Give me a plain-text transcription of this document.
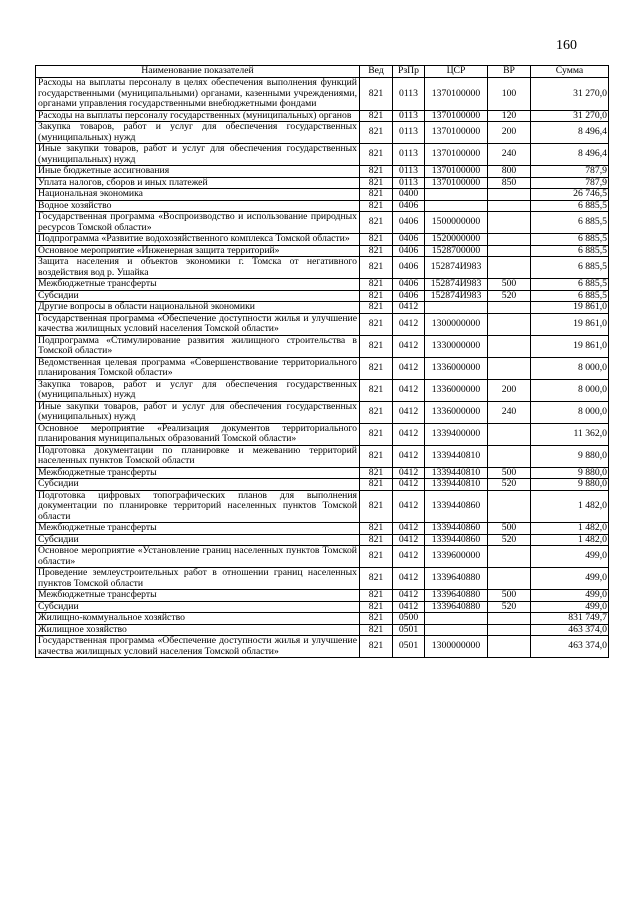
160
Наименование показателей	Вед	РзПр	ЦСР	ВР	Сумма
Расходы на выплаты персоналу в целях обеспечения выполнения функций государственными (муниципальными) органами, казенными учреждениями, органами управления государственными внебюджетными фондами	821	0113	1370100000	100	31 270,0
Расходы на выплаты персоналу государственных (муниципальных) органов	821	0113	1370100000	120	31 270,0
Закупка товаров, работ и услуг для обеспечения государственных (муниципальных) нужд	821	0113	1370100000	200	8 496,4
Иные закупки товаров, работ и услуг для обеспечения государственных (муниципальных) нужд	821	0113	1370100000	240	8 496,4
Иные бюджетные ассигнования	821	0113	1370100000	800	787,9
Уплата налогов, сборов и иных платежей	821	0113	1370100000	850	787,9
Национальная экономика	821	0400			26 746,5
Водное хозяйство	821	0406			6 885,5
Государственная программа «Воспроизводство и использование природных ресурсов Томской области»	821	0406	1500000000		6 885,5
Подпрограмма «Развитие водохозяйственного комплекса Томской области»	821	0406	1520000000		6 885,5
Основное мероприятие «Инженерная защита территорий»	821	0406	1528700000		6 885,5
Защита населения и объектов экономики г. Томска от негативного воздействия вод р. Ушайка	821	0406	152874И983		6 885,5
Межбюджетные трансферты	821	0406	152874И983	500	6 885,5
Субсидии	821	0406	152874И983	520	6 885,5
Другие вопросы в области национальной экономики	821	0412			19 861,0
Государственная программа «Обеспечение доступности жилья и улучшение качества жилищных условий населения Томской области»	821	0412	1300000000		19 861,0
Подпрограмма «Стимулирование развития жилищного строительства в Томской области»	821	0412	1330000000		19 861,0
Ведомственная целевая программа «Совершенствование территориального планирования Томской области»	821	0412	1336000000		8 000,0
Закупка товаров, работ и услуг для обеспечения государственных (муниципальных) нужд	821	0412	1336000000	200	8 000,0
Иные закупки товаров, работ и услуг для обеспечения государственных (муниципальных) нужд	821	0412	1336000000	240	8 000,0
Основное мероприятие «Реализация документов территориального планирования муниципальных образований Томской области»	821	0412	1339400000		11 362,0
Подготовка документации по планировке и межеванию территорий населенных пунктов Томской области	821	0412	1339440810		9 880,0
Межбюджетные трансферты	821	0412	1339440810	500	9 880,0
Субсидии	821	0412	1339440810	520	9 880,0
Подготовка цифровых топографических планов для выполнения документации по планировке территорий населенных пунктов Томской области	821	0412	1339440860		1 482,0
Межбюджетные трансферты	821	0412	1339440860	500	1 482,0
Субсидии	821	0412	1339440860	520	1 482,0
Основное мероприятие «Установление границ населенных пунктов Томской области»	821	0412	1339600000		499,0
Проведение землеустроительных работ в отношении границ населенных пунктов Томской области	821	0412	1339640880		499,0
Межбюджетные трансферты	821	0412	1339640880	500	499,0
Субсидии	821	0412	1339640880	520	499,0
Жилищно-коммунальное хозяйство	821	0500			831 749,7
Жилищное хозяйство	821	0501			463 374,0
Государственная программа «Обеспечение доступности жилья и улучшение качества жилищных условий населения Томской области»	821	0501	1300000000		463 374,0
